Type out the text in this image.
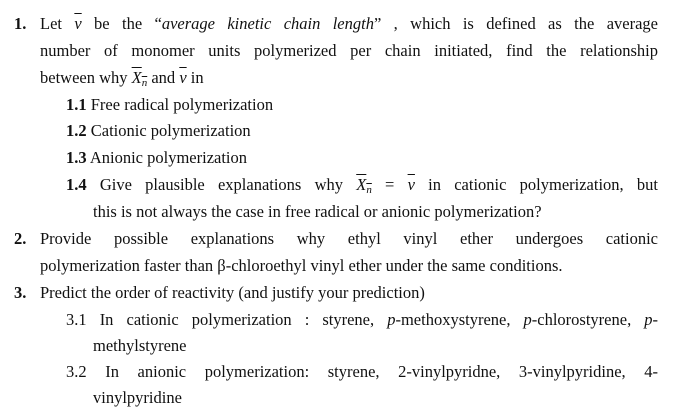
1. Let $\overline{v}$ be the “average kinetic chain length” , which is defined as the average
number of monomer units polymerized per chain initiated, find the relationship
between why $X_n$ and $\overline{v}$ in
1.1 Free radical polymerization
1.2 Cationic polymerization
1.3 Anionic polymerization
1.4 Give plausible explanations why $X_n = \overline{v}$ in cationic polymerization, but
this is not always the case in free radical or anionic polymerization?
2. Provide possible explanations why ethyl vinyl ether undergoes cationic
polymerization faster than β-chloroethyl vinyl ether under the same conditions.
3. Predict the order of reactivity (and justify your prediction)
3.1 In cationic polymerization : styrene, p-methoxystyrene, p-chlorostyrene, p-
methylstyrene
3.2 In anionic polymerization: styrene, 2-vinylpyridne, 3-vinylpyridine, 4-
vinylpyridine
